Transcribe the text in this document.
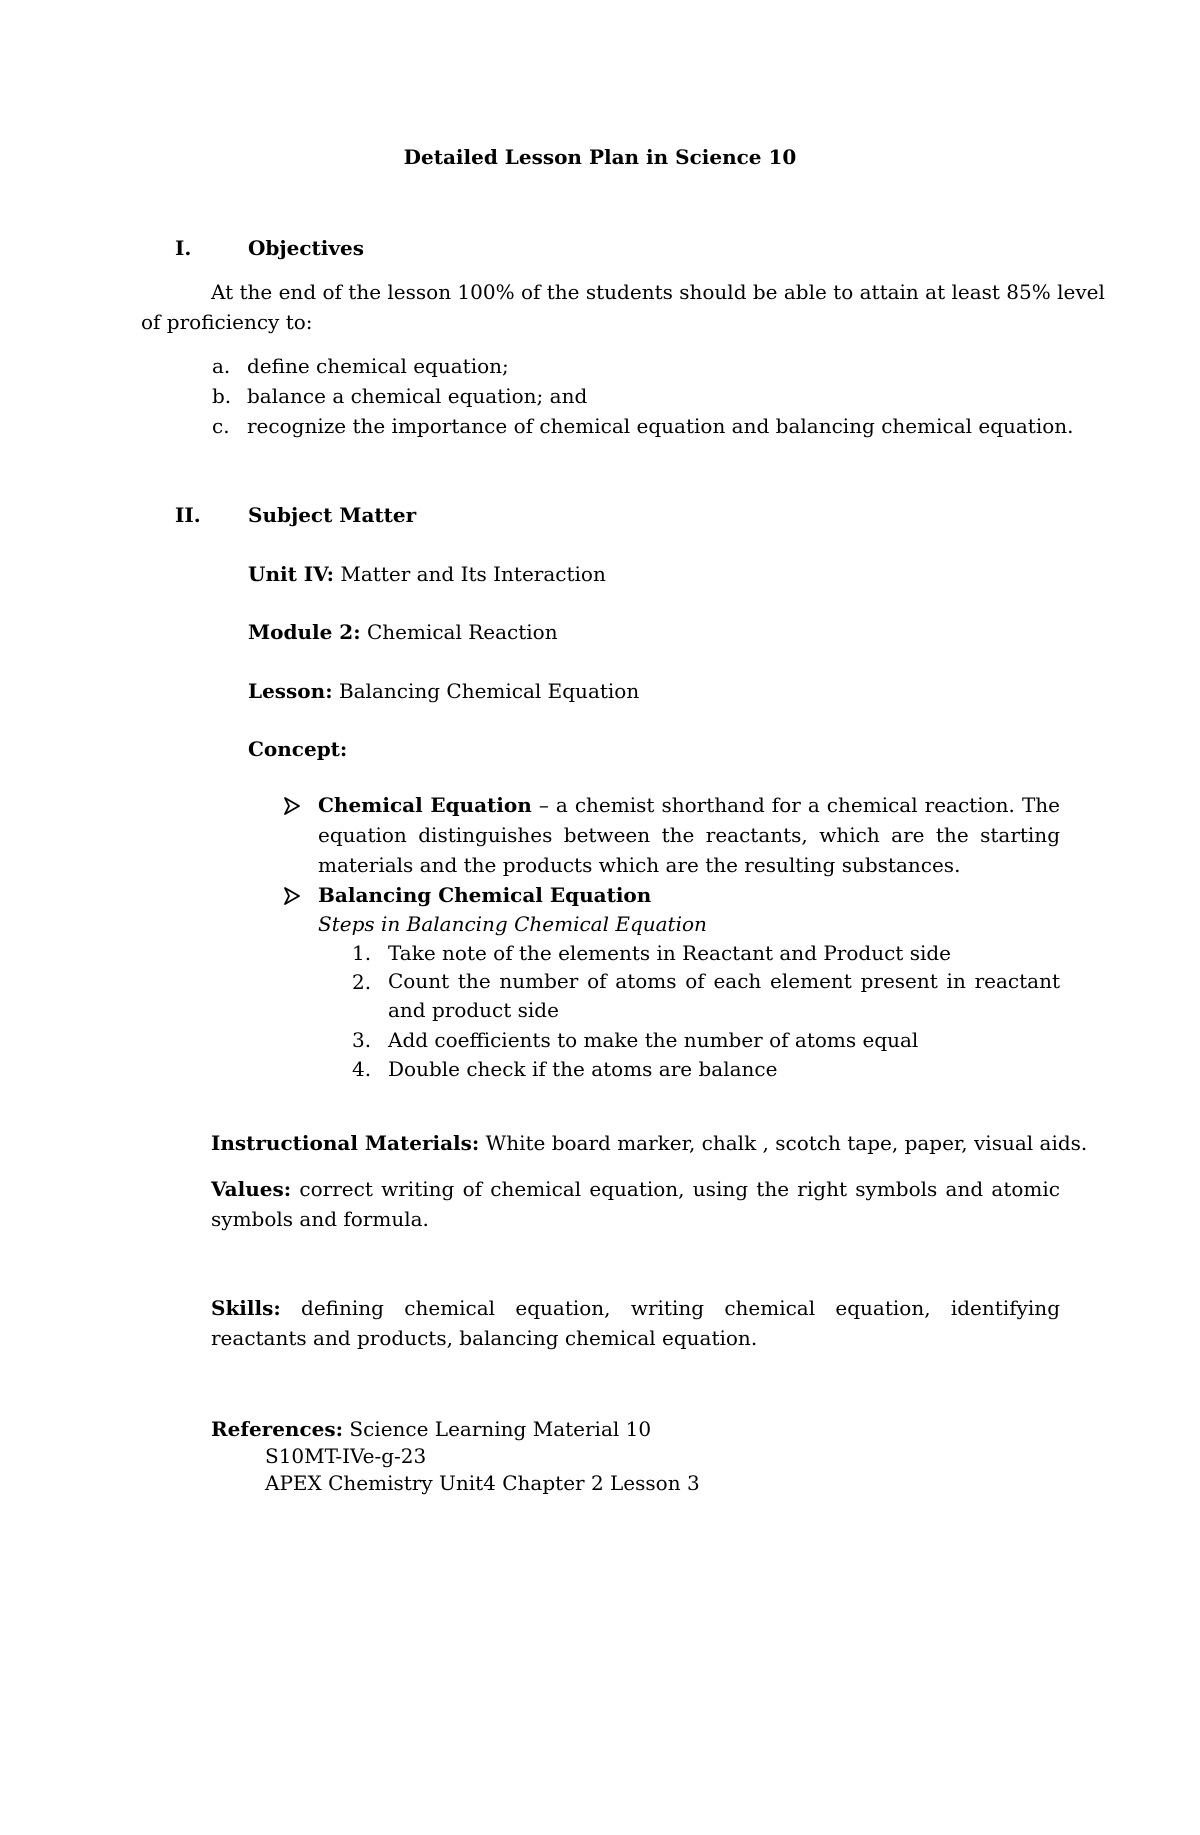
Detailed Lesson Plan in Science 10
I.	Objectives
At the end of the lesson 100% of the students should be able to attain at least 85% level
of proficiency to:
a. define chemical equation;
b. balance a chemical equation; and
c. recognize the importance of chemical equation and balancing chemical equation.
II. Subject Matter
Unit IV: Matter and Its Interaction
Module 2: Chemical Reaction
Lesson: Balancing Chemical Equation
Concept:
Chemical Equation – a chemist shorthand for a chemical reaction. The equation distinguishes between the reactants, which are the starting materials and the products which are the resulting substances.
Balancing Chemical Equation
Steps in Balancing Chemical Equation
1. Take note of the elements in Reactant and Product side
2. Count the number of atoms of each element present in reactant and product side
3. Add coefficients to make the number of atoms equal
4. Double check if the atoms are balance
Instructional Materials: White board marker, chalk , scotch tape, paper, visual aids.
Values: correct writing of chemical equation, using the right symbols and atomic symbols and formula.
Skills: defining chemical equation, writing chemical equation, identifying reactants and products, balancing chemical equation.
References: Science Learning Material 10
S10MT-IVe-g-23
APEX Chemistry Unit4 Chapter 2 Lesson 3
